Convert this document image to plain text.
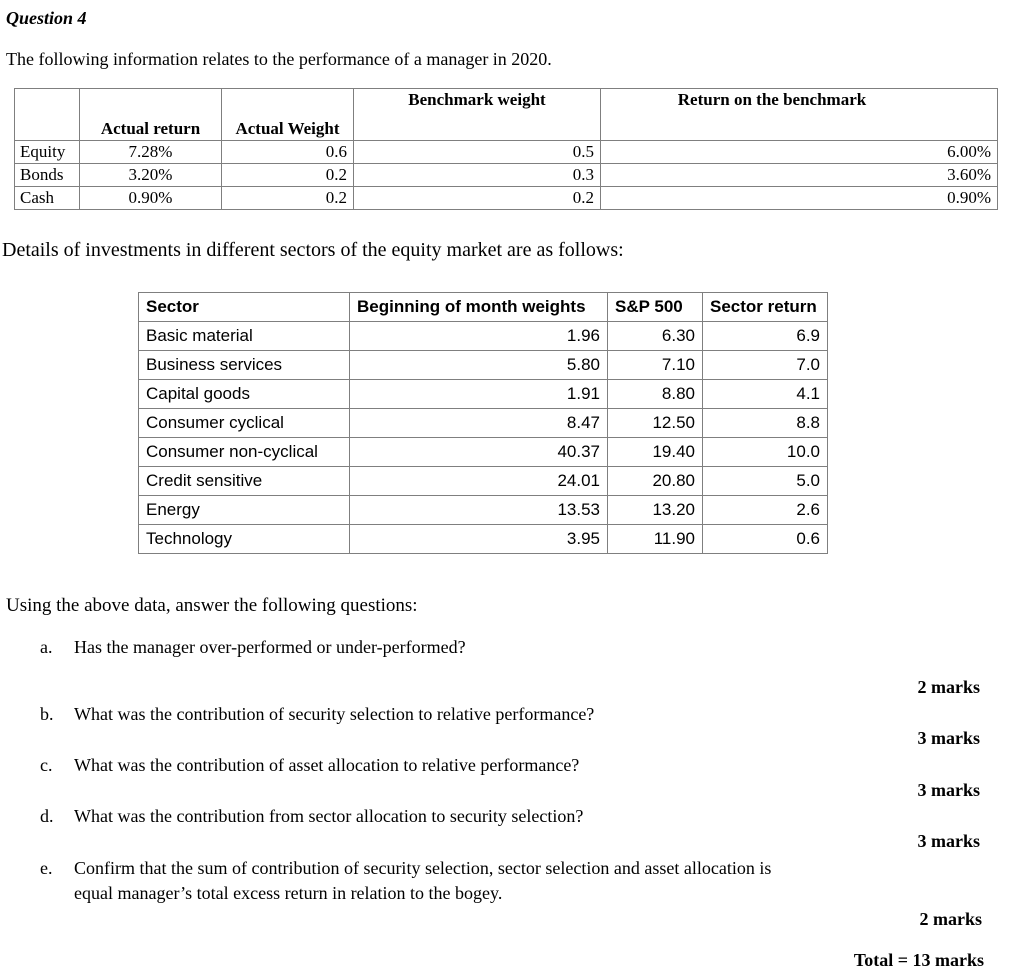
Question 4
The following information relates to the performance of a manager in 2020.
	Actual return	Actual Weight	Benchmark weight	Return on the benchmark
Equity	7.28%	0.6	0.5	6.00%
Bonds	3.20%	0.2	0.3	3.60%
Cash	0.90%	0.2	0.2	0.90%
Details of investments in different sectors of the equity market are as follows:
Sector	Beginning of month weights	S&P 500	Sector return
Basic material	1.96	6.30	6.9
Business services	5.80	7.10	7.0
Capital goods	1.91	8.80	4.1
Consumer cyclical	8.47	12.50	8.8
Consumer non-cyclical	40.37	19.40	10.0
Credit sensitive	24.01	20.80	5.0
Energy	13.53	13.20	2.6
Technology	3.95	11.90	0.6
Using the above data, answer the following questions:
a. Has the manager over-performed or under-performed?
b. What was the contribution of security selection to relative performance?
c. What was the contribution of asset allocation to relative performance?
d. What was the contribution from sector allocation to security selection?
e. Confirm that the sum of contribution of security selection, sector selection and asset allocation is
equal manager’s total excess return in relation to the bogey.
2 marks
3 marks
3 marks
3 marks
2 marks
Total = 13 marks
